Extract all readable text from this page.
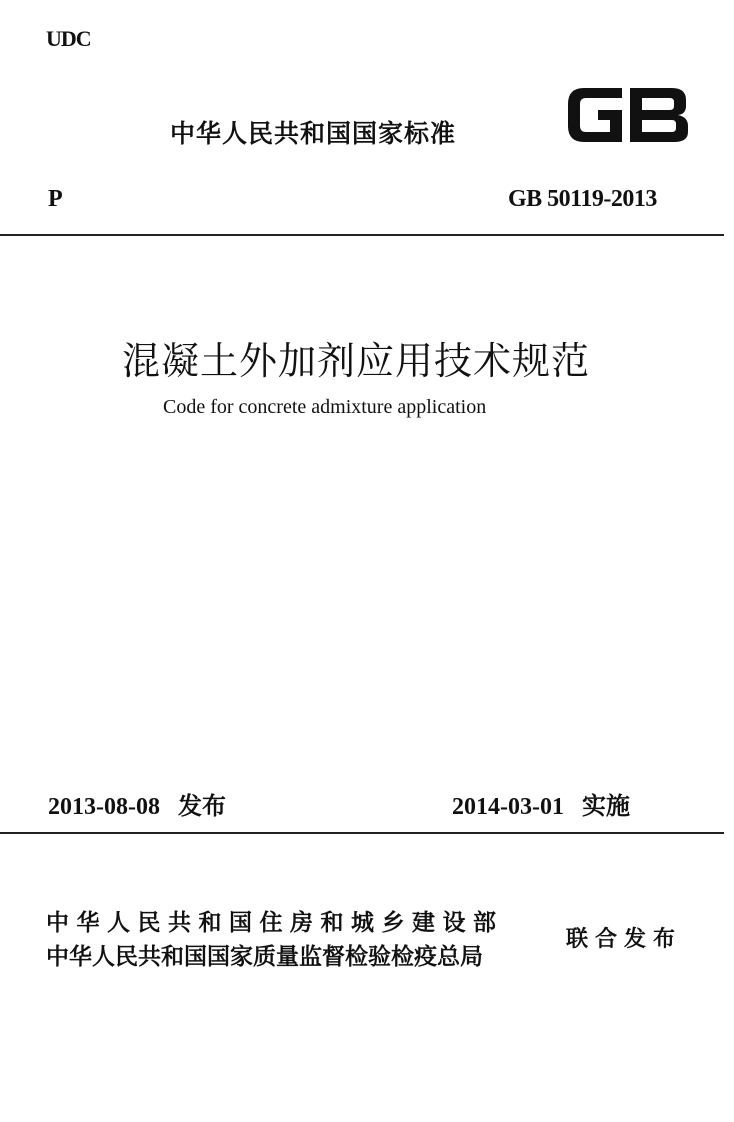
UDC
中华人民共和国国家标准
P	GB 50119-2013
混凝土外加剂应用技术规范
Code for concrete admixture application
2013-08-08 发布	2014-03-01 实施
中华人民共和国住房和城乡建设部
中华人民共和国国家质量监督检验检疫总局
联合发布
